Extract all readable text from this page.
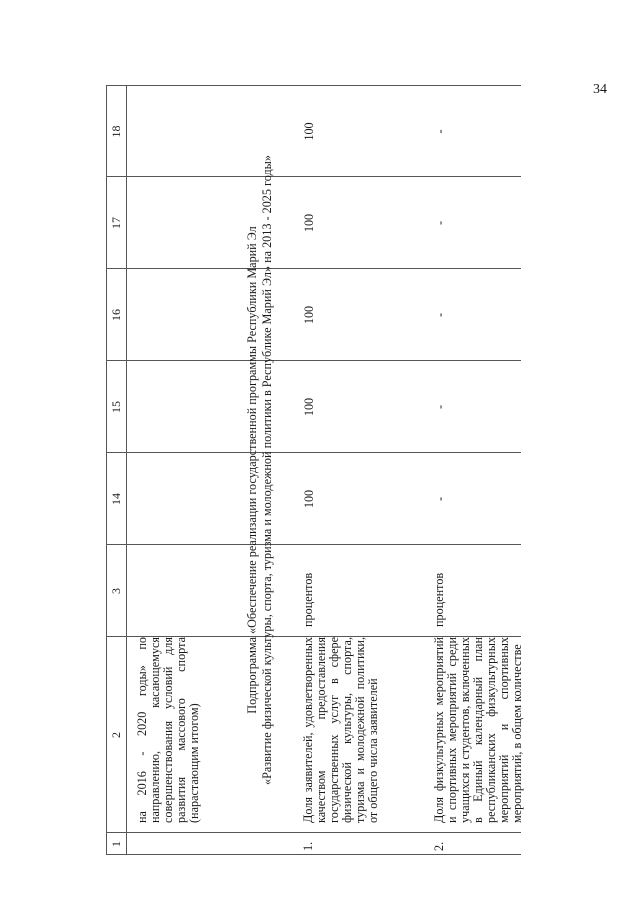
34
1
2
3
14
15
16
17
18
на 2016 - 2020 годы» по направлению, касающемуся совершенствования условий для развития массового спорта (нарастающим итогом)
Подпрограмма «Обеспечение реализации государственной программы Республики Марий Эл «Развитие физической культуры, спорта, туризма и молодежной политики в Республике Марий Эл» на 2013 - 2025 годы»
1.
Доля заявителей, удовлетворенных качеством предоставления государственных услуг в сфере физической культуры, спорта, туризма и молодежной политики, от общего числа заявителей
процентов
100
100
100
100
100
2.
Доля физкультурных мероприятий и спортивных мероприятий среди учащихся и студентов, включенных в Единый календарный план республиканских физкультурных мероприятий и спортивных мероприятий, в общем количестве
процентов
-
-
-
-
-
